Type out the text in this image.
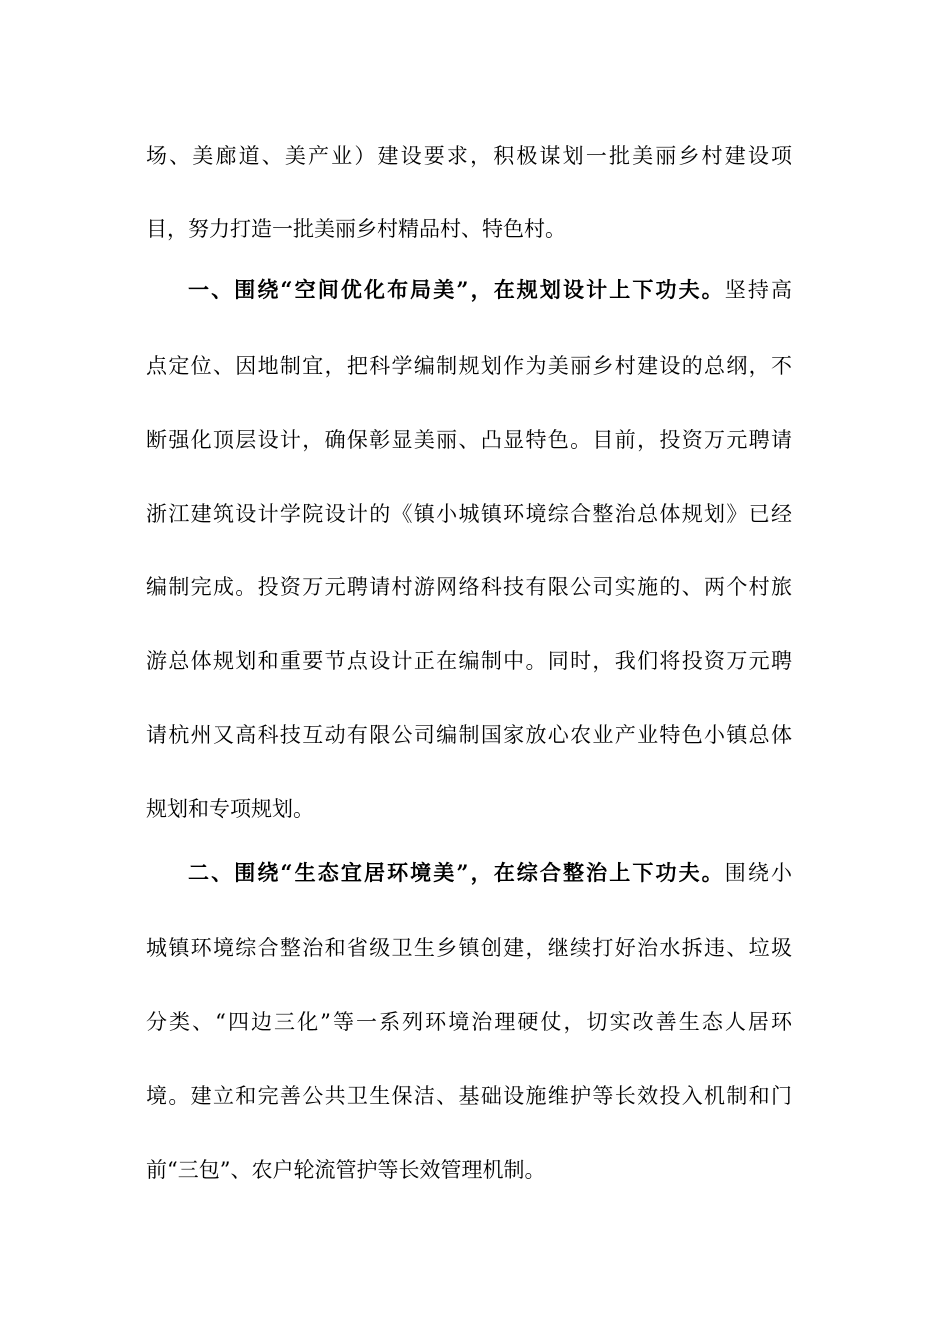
场、美廊道、美产业）建设要求，积极谋划一批美丽乡村建设项
目，努力打造一批美丽乡村精品村、特色村。
一、围绕“空间优化布局美”，在规划设计上下功夫。坚持高
点定位、因地制宜，把科学编制规划作为美丽乡村建设的总纲，不
断强化顶层设计，确保彰显美丽、凸显特色。目前，投资万元聘请
浙江建筑设计学院设计的《镇小城镇环境综合整治总体规划》已经
编制完成。投资万元聘请村游网络科技有限公司实施的、两个村旅
游总体规划和重要节点设计正在编制中。同时，我们将投资万元聘
请杭州又高科技互动有限公司编制国家放心农业产业特色小镇总体
规划和专项规划。
二、围绕“生态宜居环境美”，在综合整治上下功夫。围绕小
城镇环境综合整治和省级卫生乡镇创建，继续打好治水拆违、垃圾
分类、“四边三化”等一系列环境治理硬仗，切实改善生态人居环
境。建立和完善公共卫生保洁、基础设施维护等长效投入机制和门
前“三包”、农户轮流管护等长效管理机制。
